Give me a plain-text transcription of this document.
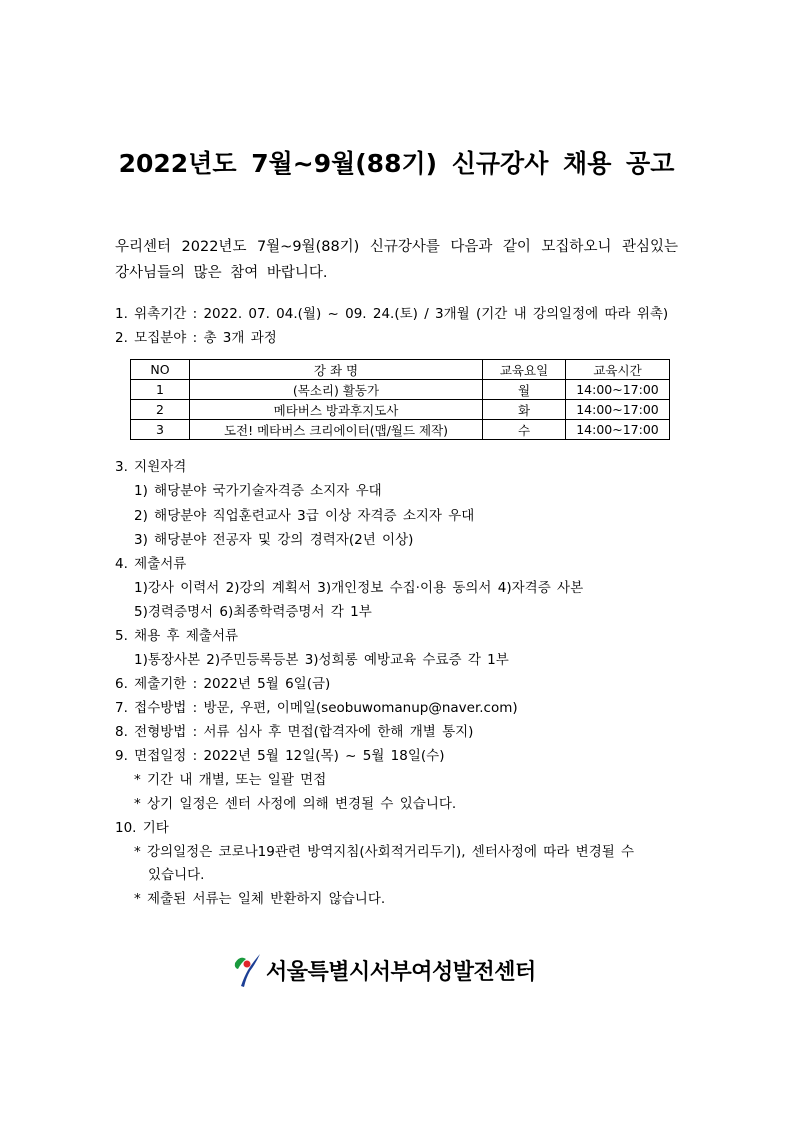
2022년도 7월~9월(88기) 신규강사 채용 공고
우리센터 2022년도 7월~9월(88기) 신규강사를 다음과 같이 모집하오니 관심있는 강사님들의 많은 참여 바랍니다.
1. 위촉기간 : 2022. 07. 04.(월) ~ 09. 24.(토) / 3개월 (기간 내 강의일정에 따라 위촉)
2. 모집분야 : 총 3개 과정
NO	강 좌 명	교육요일	교육시간
1	(목소리) 활동가	월	14:00~17:00
2	메타버스 방과후지도사	화	14:00~17:00
3	도전! 메타버스 크리에이터(맵/월드 제작)	수	14:00~17:00
3. 지원자격
1) 해당분야 국가기술자격증 소지자 우대
2) 해당분야 직업훈련교사 3급 이상 자격증 소지자 우대
3) 해당분야 전공자 및 강의 경력자(2년 이상)
4. 제출서류
1)강사 이력서 2)강의 계획서 3)개인정보 수집·이용 동의서 4)자격증 사본
5)경력증명서 6)최종학력증명서 각 1부
5. 채용 후 제출서류
1)통장사본 2)주민등록등본 3)성희롱 예방교육 수료증 각 1부
6. 제출기한 : 2022년 5월 6일(금)
7. 접수방법 : 방문, 우편, 이메일(seobuwomanup@naver.com)
8. 전형방법 : 서류 심사 후 면접(합격자에 한해 개별 통지)
9. 면접일정 : 2022년 5월 12일(목) ~ 5월 18일(수)
* 기간 내 개별, 또는 일괄 면접
* 상기 일정은 센터 사정에 의해 변경될 수 있습니다.
10. 기타
* 강의일정은 코로나19관련 방역지침(사회적거리두기), 센터사정에 따라 변경될 수
있습니다.
* 제출된 서류는 일체 반환하지 않습니다.
서울특별시서부여성발전센터
